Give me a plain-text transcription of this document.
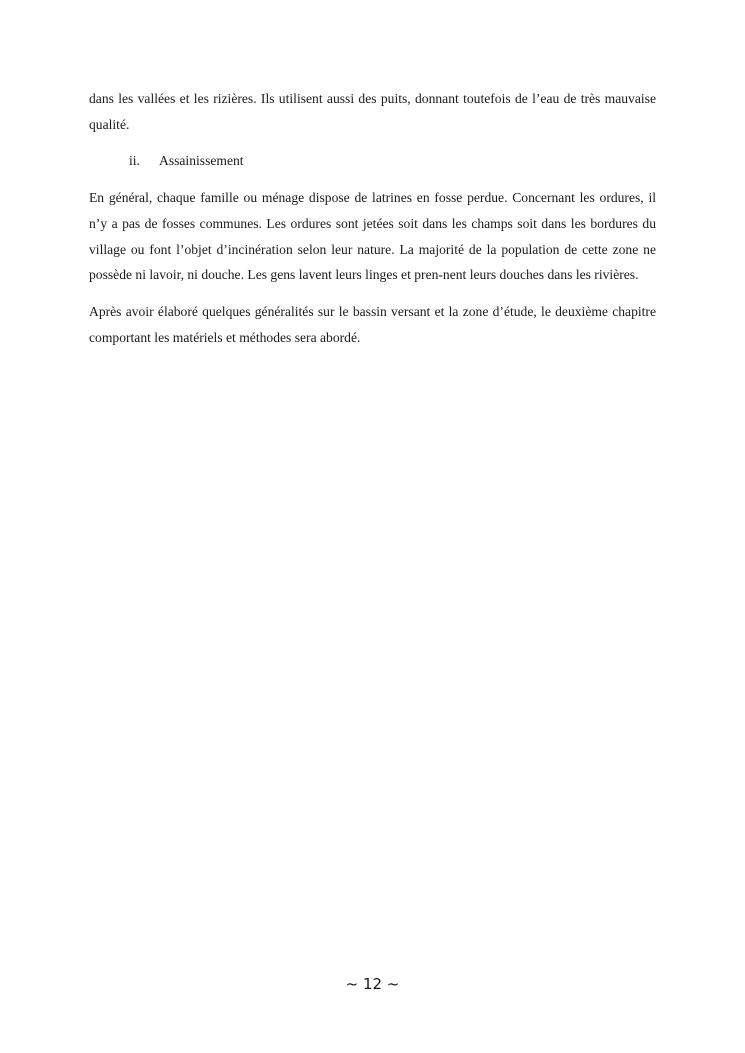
dans les vallées et les rizières. Ils utilisent aussi des puits, donnant toutefois de l’eau de très mauvaise qualité.

ii.	Assainissement

En général, chaque famille ou ménage dispose de latrines en fosse perdue. Concernant les ordures, il n’y a pas de fosses communes. Les ordures sont jetées soit dans les champs soit dans les bordures du village ou font l’objet d’incinération selon leur nature. La majorité de la population de cette zone ne possède ni lavoir, ni douche. Les gens lavent leurs linges et pren-nent leurs douches dans les rivières.

Après avoir élaboré quelques généralités sur le bassin versant et la zone d’étude, le deuxième chapitre comportant les matériels et méthodes sera abordé.

~ 12 ~
